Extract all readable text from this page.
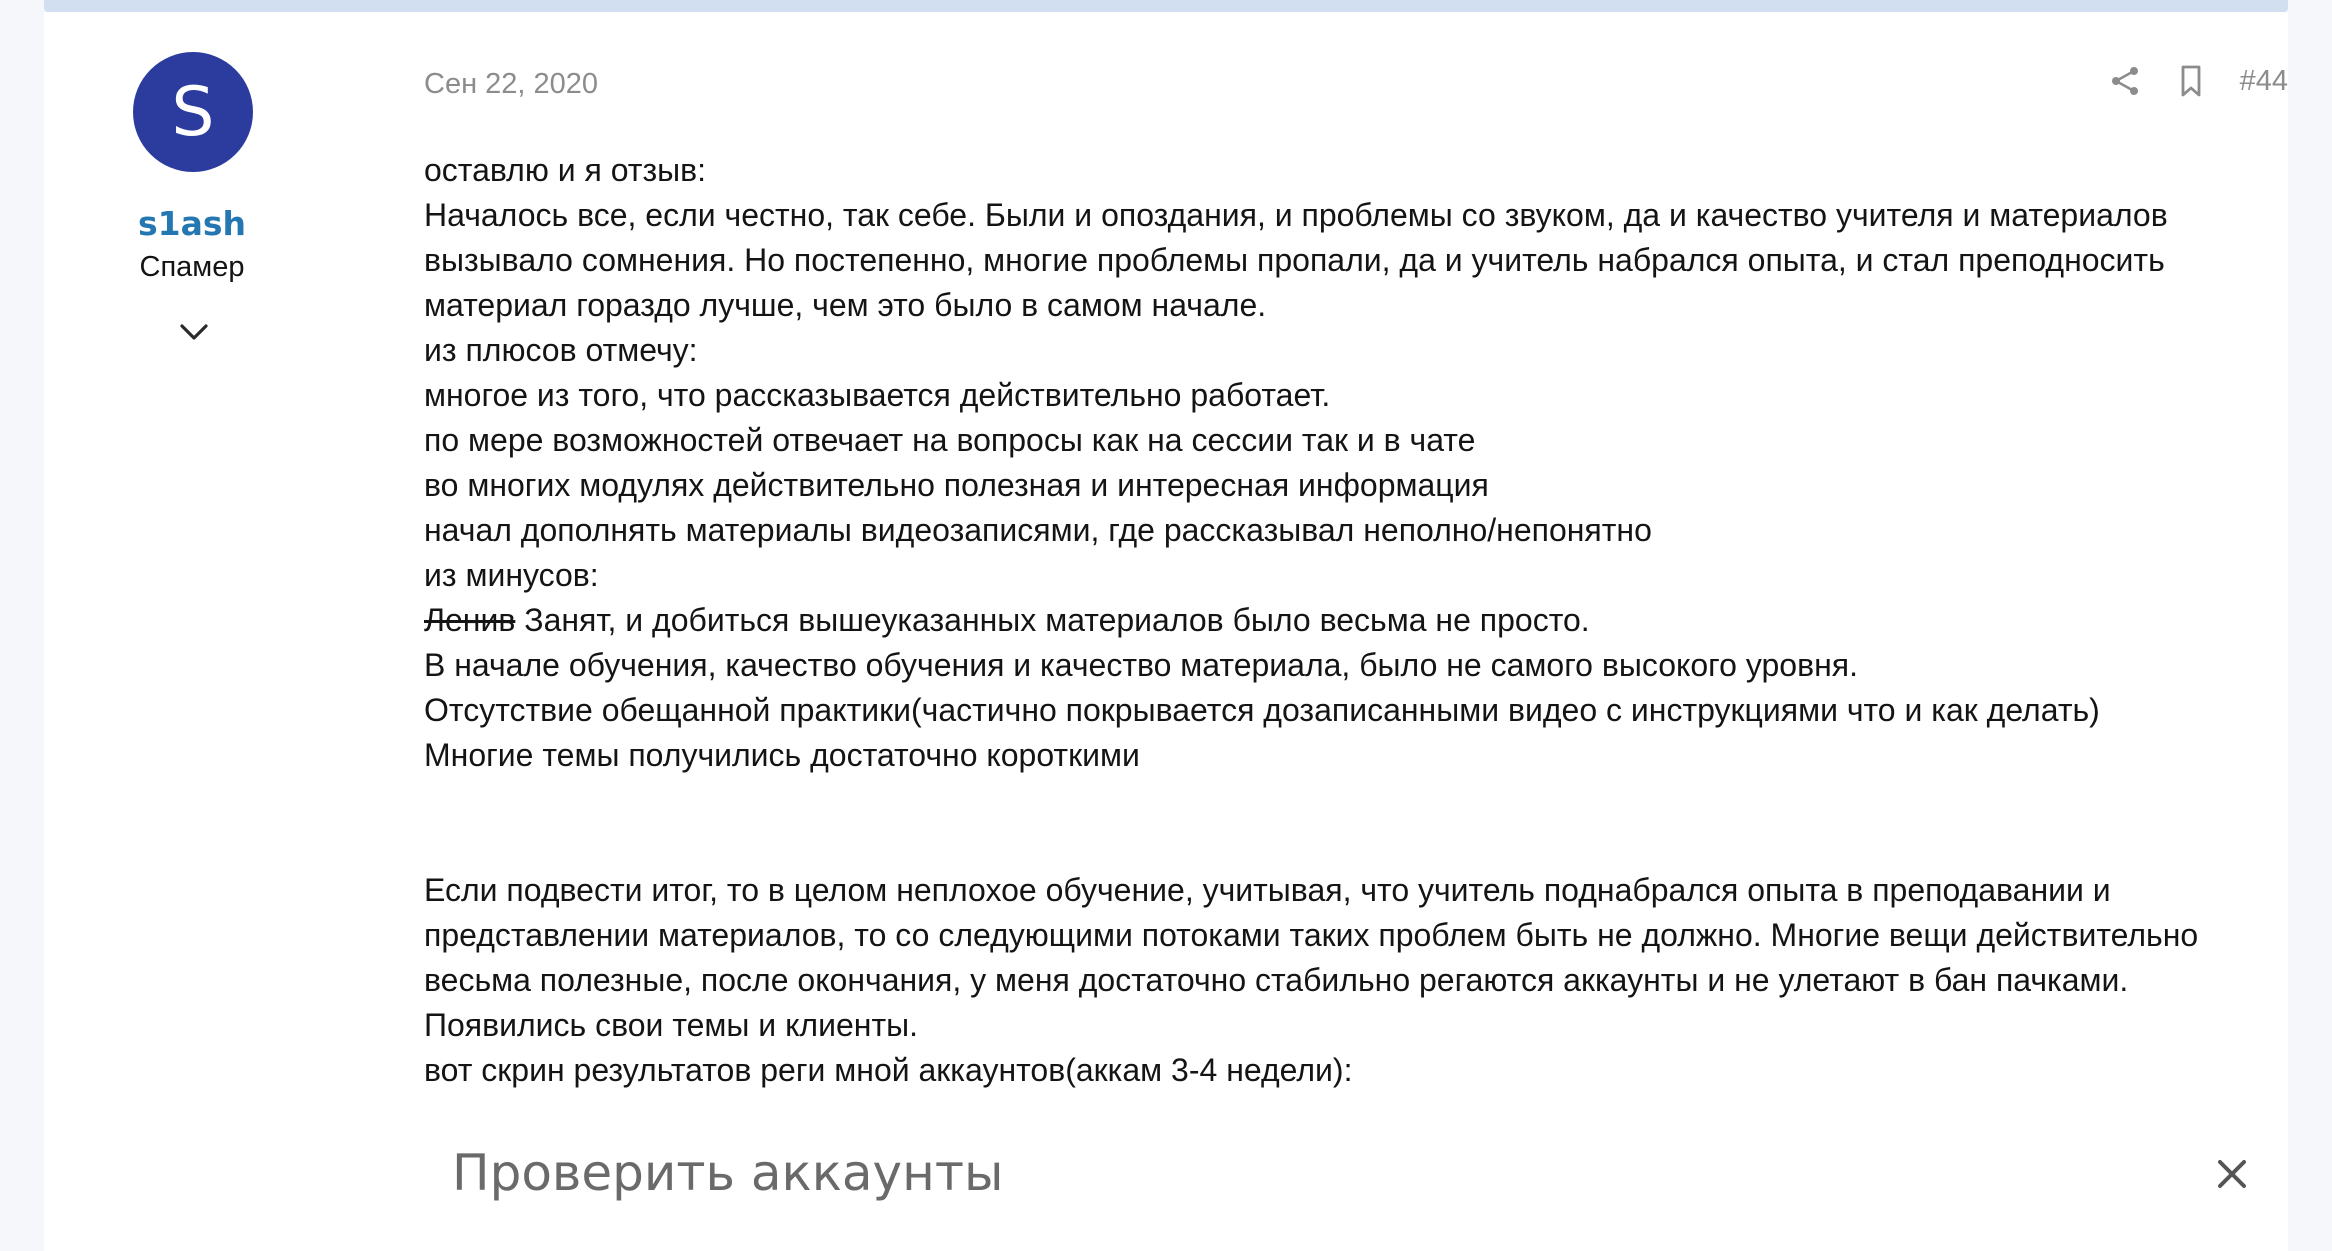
S
s1ash
Спамер
Сен 22, 2020	#44
оставлю и я отзыв:
Началось все, если честно, так себе. Были и опоздания, и проблемы со звуком, да и качество учителя и материалов
вызывало сомнения. Но постепенно, многие проблемы пропали, да и учитель набрался опыта, и стал преподносить
материал гораздо лучше, чем это было в самом начале.
из плюсов отмечу:
многое из того, что рассказывается действительно работает.
по мере возможностей отвечает на вопросы как на сессии так и в чате
во многих модулях действительно полезная и интересная информация
начал дополнять материалы видеозаписями, где рассказывал неполно/непонятно
из минусов:
Ленив Занят, и добиться вышеуказанных материалов было весьма не просто.
В начале обучения, качество обучения и качество материала, было не самого высокого уровня.
Отсутствие обещанной практики(частично покрывается дозаписанными видео с инструкциями что и как делать)
Многие темы получились достаточно короткими
Если подвести итог, то в целом неплохое обучение, учитывая, что учитель поднабрался опыта в преподавании и
представлении материалов, то со следующими потоками таких проблем быть не должно. Многие вещи действительно
весьма полезные, после окончания, у меня достаточно стабильно регаются аккаунты и не улетают в бан пачками.
Появились свои темы и клиенты.
вот скрин результатов реги мной аккаунтов(аккам 3-4 недели):
Проверить аккаунты
